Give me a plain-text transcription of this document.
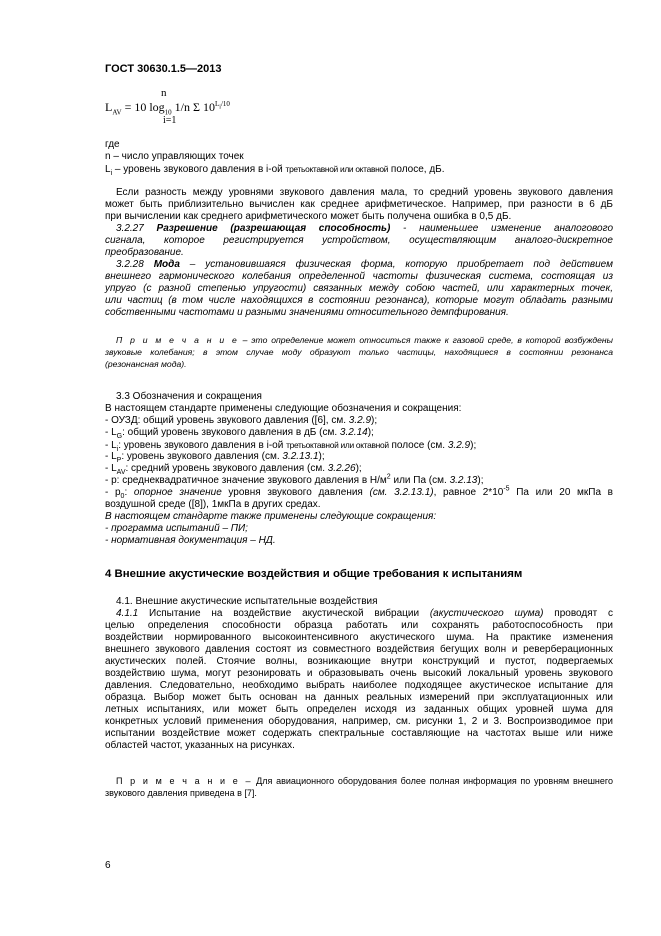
ГОСТ 30630.1.5—2013
n
$L_{AV} = 10$ $\log_{10} 1/n$ Σ $10^{L_i/10}$
i=1
где
n – число управляющих точек
$L_i$ – уровень звукового давления в i-ой третьоктавной или октавной полосе, дБ.
Если разность между уровнями звукового давления мала, то средний уровень звукового давления
может быть приблизительно вычислен как среднее арифметическое. Например, при разности в 6 дБ
при вычислении как среднего арифметического может быть получена ошибка в 0,5 дБ.
3.2.27 Разрешение (разрешающая способность) - наименьшее изменение аналогового
сигнала, которое регистрируется устройством, осуществляющим аналого-дискретное
преобразование.
3.2.28 Мода – установившаяся физическая форма, которую приобретает под действием
внешнего гармонического колебания определенной частоты физическая система, состоящая из
упруго (с разной степенью упругости) связанных между собою частей, или характерных точек,
или частиц (в том числе находящихся в состоянии резонанса), которые могут обладать разными
собственными частотами и разными значениями относительного демпфирования.
П р и м е ч а н и е – это определение может относиться также к газовой среде, в которой возбуждены
звуковые колебания; в этом случае моду образуют только частицы, находящиеся в состоянии резонанса
(резонансная мода).
3.3 Обозначения и сокращения
В настоящем стандарте применены следующие обозначения и сокращения:
- ОУЗД: общий уровень звукового давления ([6], см. 3.2.9);
- $L_G$: общий уровень звукового давления в дБ (см. 3.2.14);
- $L_i$: уровень звукового давления в i-ой третьоктавной или октавной полосе (см. 3.2.9);
- $L_P$: уровень звукового давления (см. 3.2.13.1);
- $L_{AV}$: средний уровень звукового давления (см. 3.2.26);
- р: среднеквадратичное значение звукового давления в $Н/м^2$ или Па (см. 3.2.13);
- $р_0$: опорное значение уровня звукового давления (см. 3.2.13.1), равное $2*10^{-5}$ Па или 20 мкПа в
воздушной среде ([8]), 1мкПа в других средах.
В настоящем стандарте также применены следующие сокращения:
- программа испытаний – ПИ;
- нормативная документация – НД.
4 Внешние акустические воздействия и общие требования к испытаниям
4.1. Внешние акустические испытательные воздействия
4.1.1 Испытание на воздействие акустической вибрации (акустического шума) проводят с
целью определения способности образца работать или сохранять работоспособность при
воздействии нормированного высокоинтенсивного акустического шума. На практике изменения
внешнего звукового давления состоят из совместного воздействия бегущих волн и реверберационных
акустических полей. Стоячие волны, возникающие внутри конструкций и пустот, подвергаемых
воздействию шума, могут резонировать и образовывать очень высокий локальный уровень звукового
давления. Следовательно, необходимо выбрать наиболее подходящее акустическое испытание для
образца. Выбор может быть основан на данных реальных измерений при эксплуатационных или
летных испытаниях, или может быть определен исходя из заданных общих уровней шума для
конкретных условий применения оборудования, например, см. рисунки 1, 2 и 3. Воспроизводимое при
испытании воздействие может содержать спектральные составляющие на частотах выше или ниже
областей частот, указанных на рисунках.
П р и м е ч а н и е – Для авиационного оборудования более полная информация по уровням внешнего
звукового давления приведена в [7].
6
